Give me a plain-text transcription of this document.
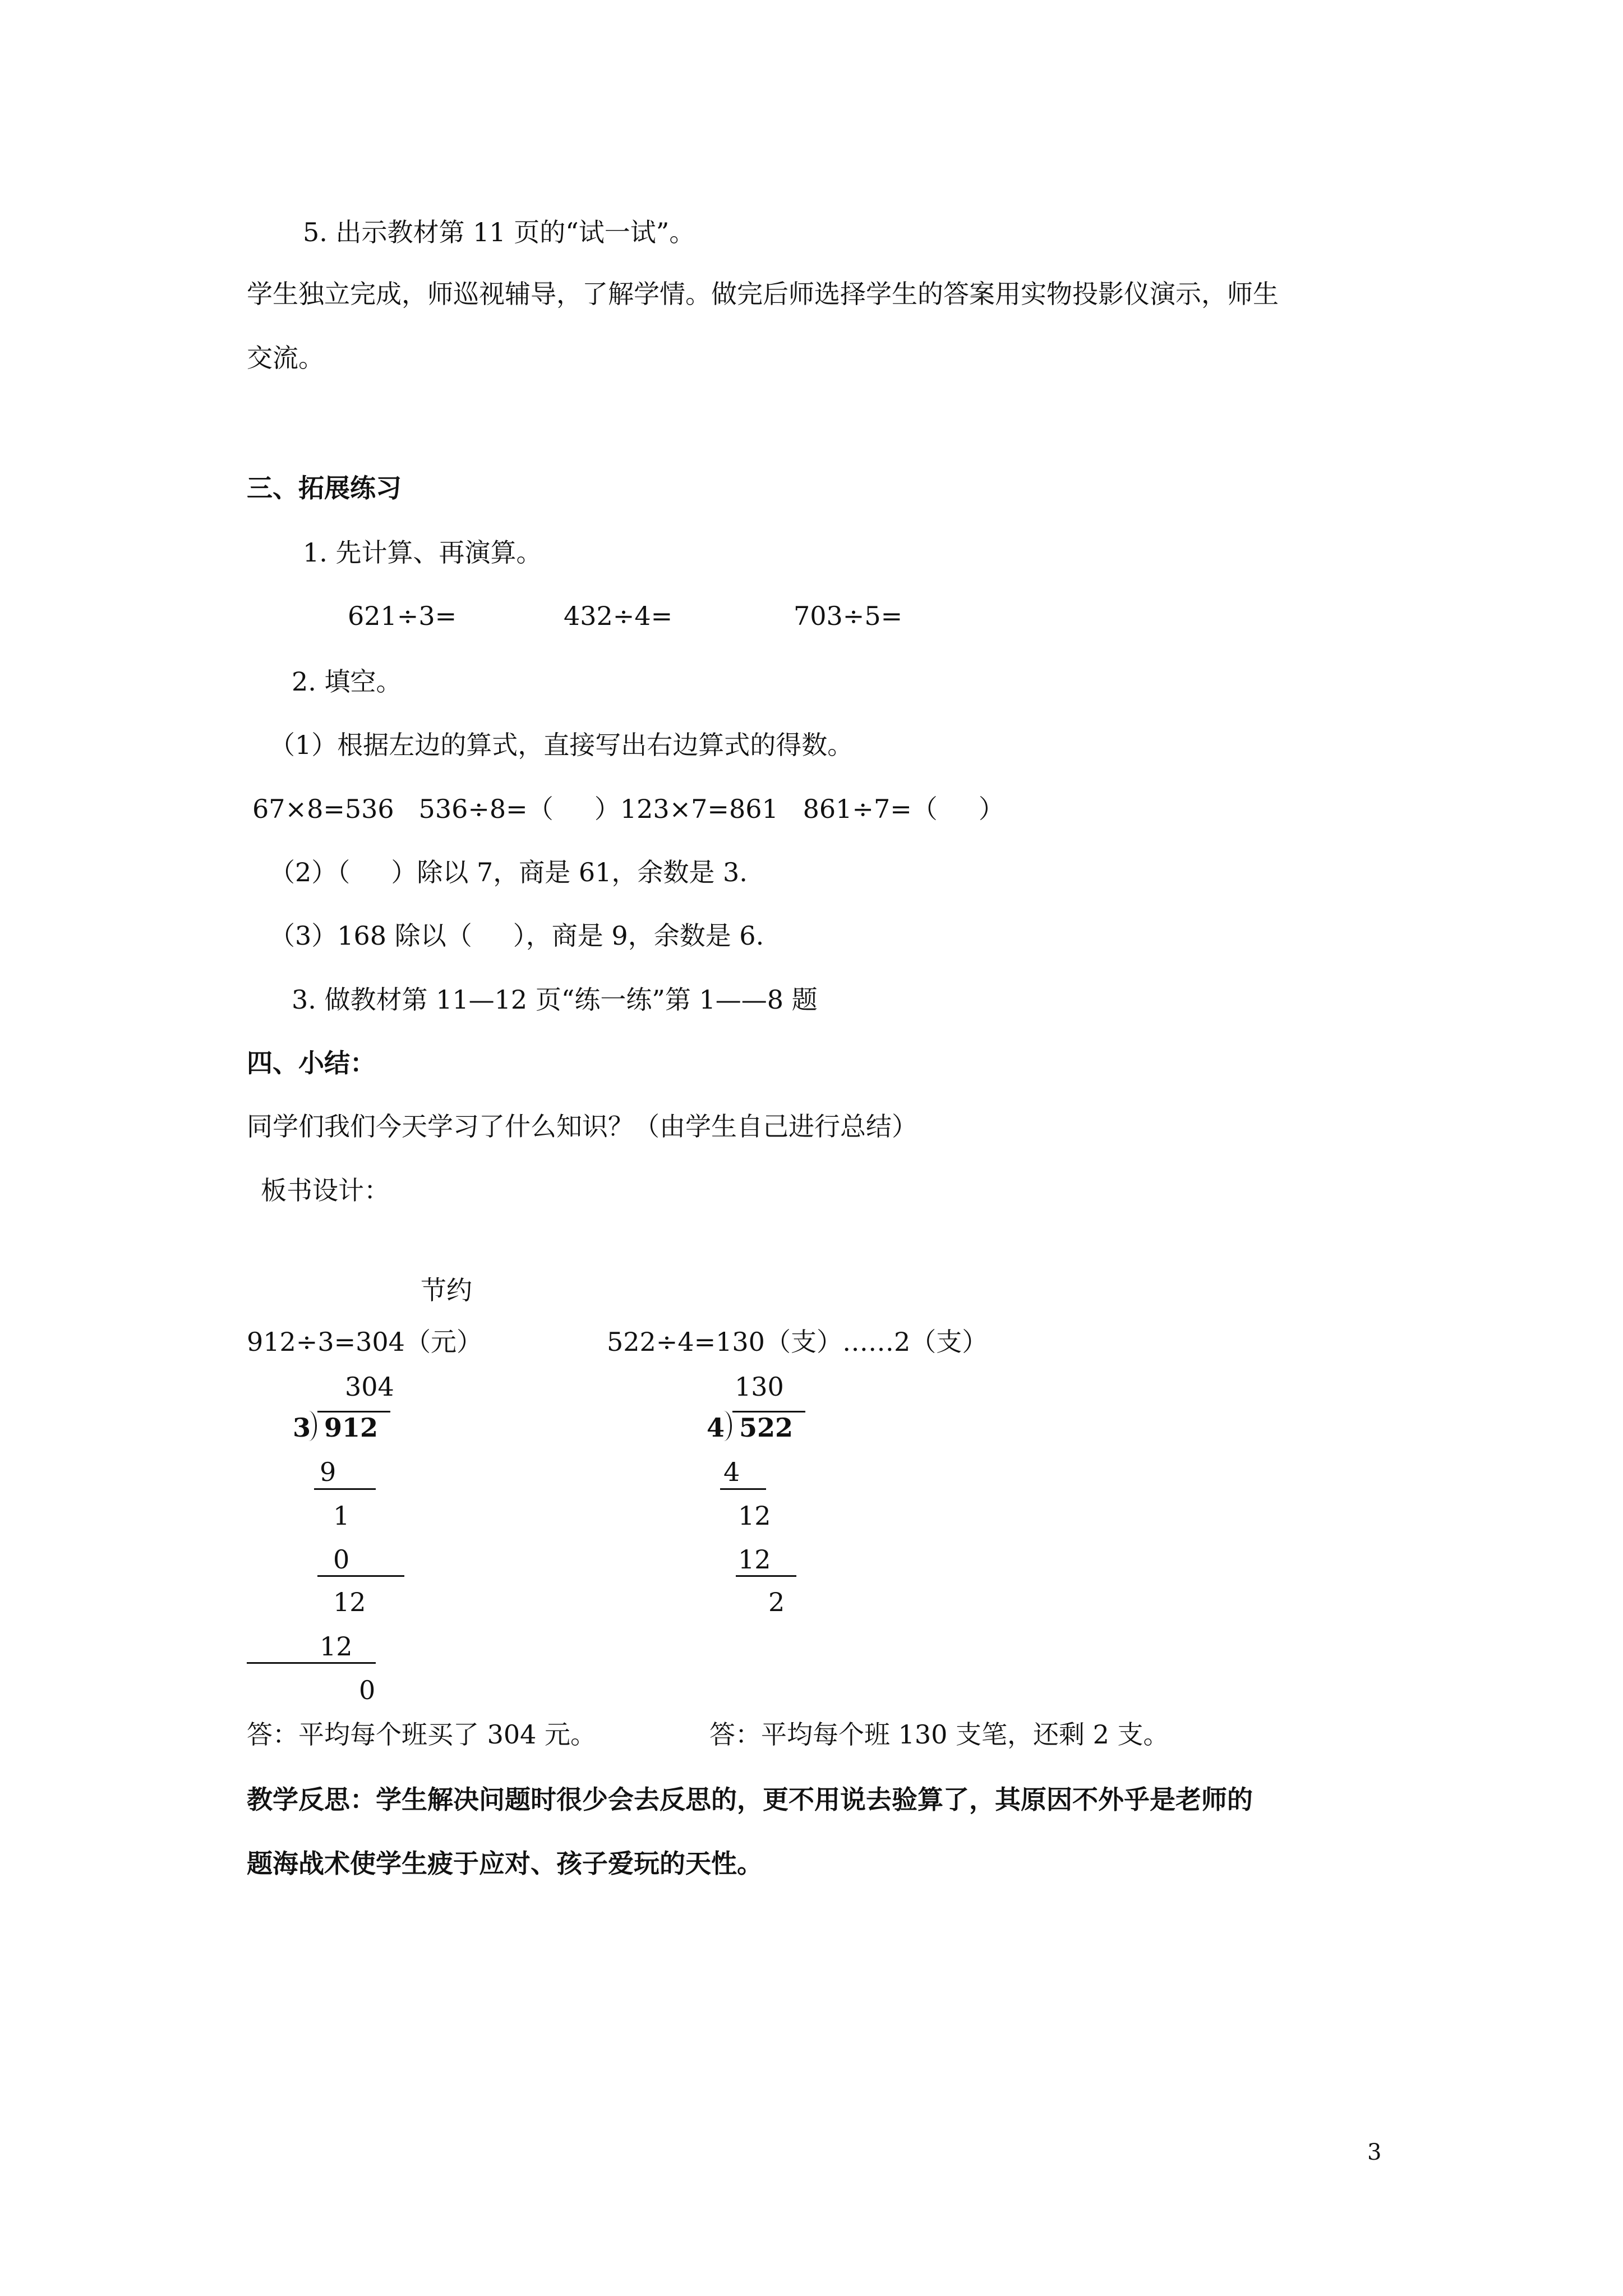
5. 出示教材第 11 页的“试一试”。
学生独立完成，师巡视辅导，了解学情。做完后师选择学生的答案用实物投影仪演示，师生
交流。
三、拓展练习
1. 先计算、再演算。
621÷3=	432÷4=	703÷5=
2. 填空。
（1）根据左边的算式，直接写出右边算式的得数。
67×8=536   536÷8=（     ）123×7=861   861÷7=（     ）
（2）（     ）除以 7，商是 61，余数是 3.
（3）168 除以（     ），商是 9，余数是 6.
3. 做教材第 11—12 页“练一练”第 1——8 题
四、小结：
同学们我们今天学习了什么知识？（由学生自己进行总结）
板书设计：
节约
912÷3=304（元）
304
3 912
9
1
0
12
12
0
522÷4=130（支）……2（支）
130
4 522
4
12
12
2
答：平均每个班买了 304 元。	答：平均每个班 130 支笔，还剩 2 支。
教学反思：学生解决问题时很少会去反思的，更不用说去验算了，其原因不外乎是老师的
题海战术使学生疲于应对、孩子爱玩的天性。
3
